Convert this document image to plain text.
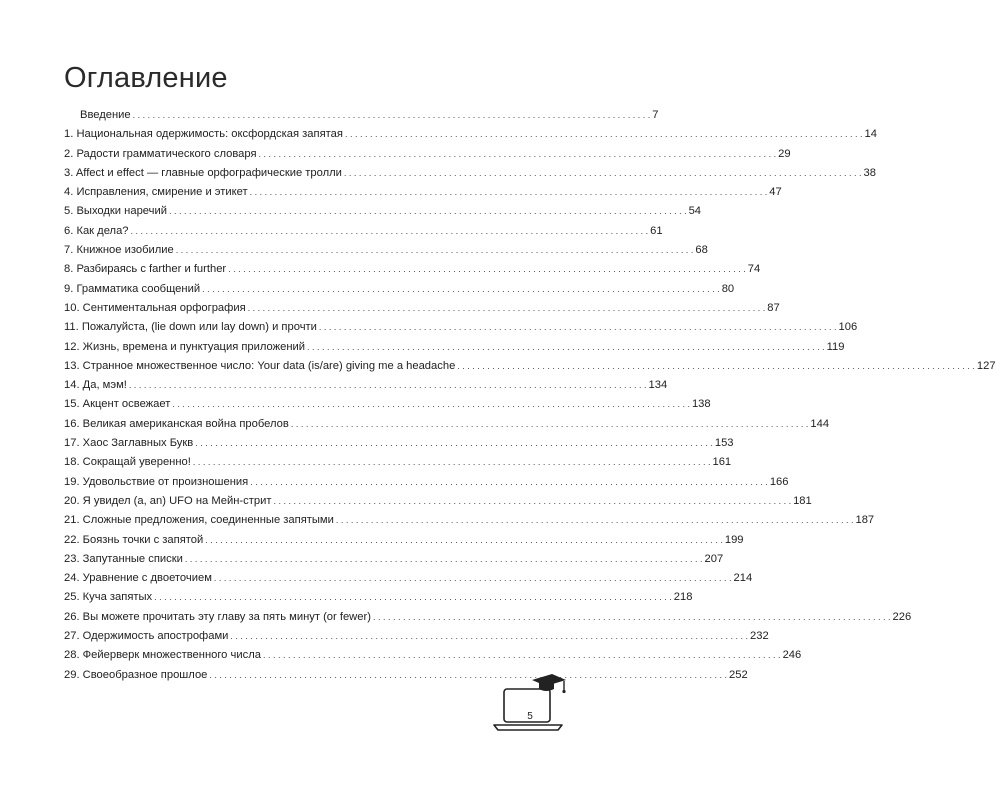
Оглавление
Введение . . .	7
1. Национальная одержимость: оксфордская запятая . . .	14
2. Радости грамматического словаря . . .	29
3. Affect и effect — главные орфографические тролли . . .	38
4. Исправления, смирение и этикет . . .	47
5. Выходки наречий . . .	54
6. Как дела? . . .	61
7. Книжное изобилие . . .	68
8. Разбираясь с farther и further . . .	74
9. Грамматика сообщений . . .	80
10. Сентиментальная орфография . . .	87
11. Пожалуйста, (lie down или lay down) и прочти . . .	106
12. Жизнь, времена и пунктуация приложений . . .	119
13. Странное множественное число: Your data (is/are) giving me a headache . . .	127
14. Да, мэм! . . .	134
15. Акцент освежает . . .	138
16. Великая американская война пробелов . . .	144
17. Хаос Заглавных Букв . . .	153
18. Сокращай уверенно! . . .	161
19. Удовольствие от произношения . . .	166
20. Я увидел (a, an) UFO на Мейн-стрит . . .	181
21. Сложные предложения, соединенные запятыми . . .	187
22. Боязнь точки с запятой . . .	199
23. Запутанные списки . . .	207
24. Уравнение с двоеточием . . .	214
25. Куча запятых . . .	218
26. Вы можете прочитать эту главу за пять минут (or fewer) . . .	226
27. Одержимость апострофами . . .	232
28. Фейерверк множественного числа . . .	246
29. Своеобразное прошлое . . .	252
5
